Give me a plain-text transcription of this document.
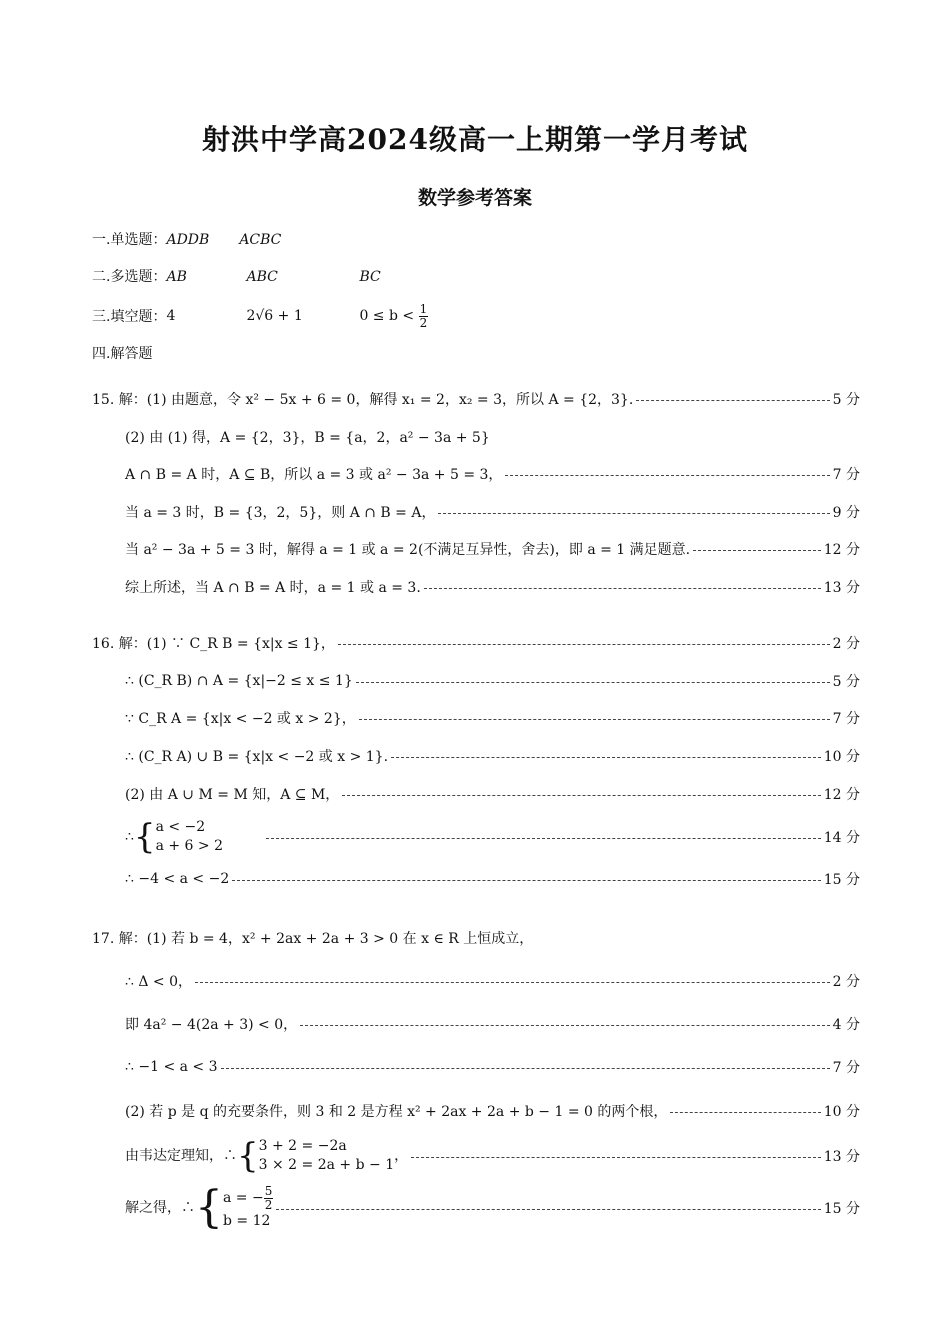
射洪中学高2024级高一上期第一学月考试
数学参考答案
一.单选题：ADDB ACBC
二.多选题：AB	ABC	BC
三.填空题： 4	2√6 + 1	$0 \le b < \frac{1}{2}$
四.解答题
15. 解：(1) 由题意，令 x² − 5x + 6 = 0，解得 x₁ = 2，x₂ = 3，所以 A = {2，3}.	5 分
(2) 由 (1) 得，A = {2，3}，B = {a，2，a² − 3a + 5}
A ∩ B = A 时，A ⊆ B，所以 a = 3 或 a² − 3a + 5 = 3，	7 分
当 a = 3 时，B = {3，2，5}，则 A ∩ B = A，	9 分
当 a² − 3a + 5 = 3 时，解得 a = 1 或 a = 2(不满足互异性，舍去)，即 a = 1 满足题意.	12 分
综上所述，当 A ∩ B = A 时，a = 1 或 a = 3.	13 分
16. 解：(1) ∵ C_R B = {x|x ≤ 1}，	2 分
∴ (C_R B) ∩ A = {x|−2 ≤ x ≤ 1}	5 分
∵ C_R A = {x|x < −2 或 x > 2}，	7 分
∴ (C_R A) ∪ B = {x|x < −2 或 x > 1}.	10 分
(2) 由 A ∪ M = M 知，A ⊆ M，	12 分
∴ { a < −2
a + 6 > 2	14 分
∴ −4 < a < −2	15 分
17. 解：(1) 若 b = 4，x² + 2ax + 2a + 3 > 0 在 x ∈ R 上恒成立，
∴ Δ < 0，	2 分
即 4a² − 4(2a + 3) < 0，	4 分
∴ −1 < a < 3	7 分
(2) 若 p 是 q 的充要条件，则 3 和 2 是方程 x² + 2ax + 2a + b − 1 = 0 的两个根，	10 分
由韦达定理知，∴ { 3 + 2 = −2a
3 × 2 = 2a + b − 1
，	13 分
解之得，∴ { a = − $\frac{5}{2}$
b = 12
15 分
